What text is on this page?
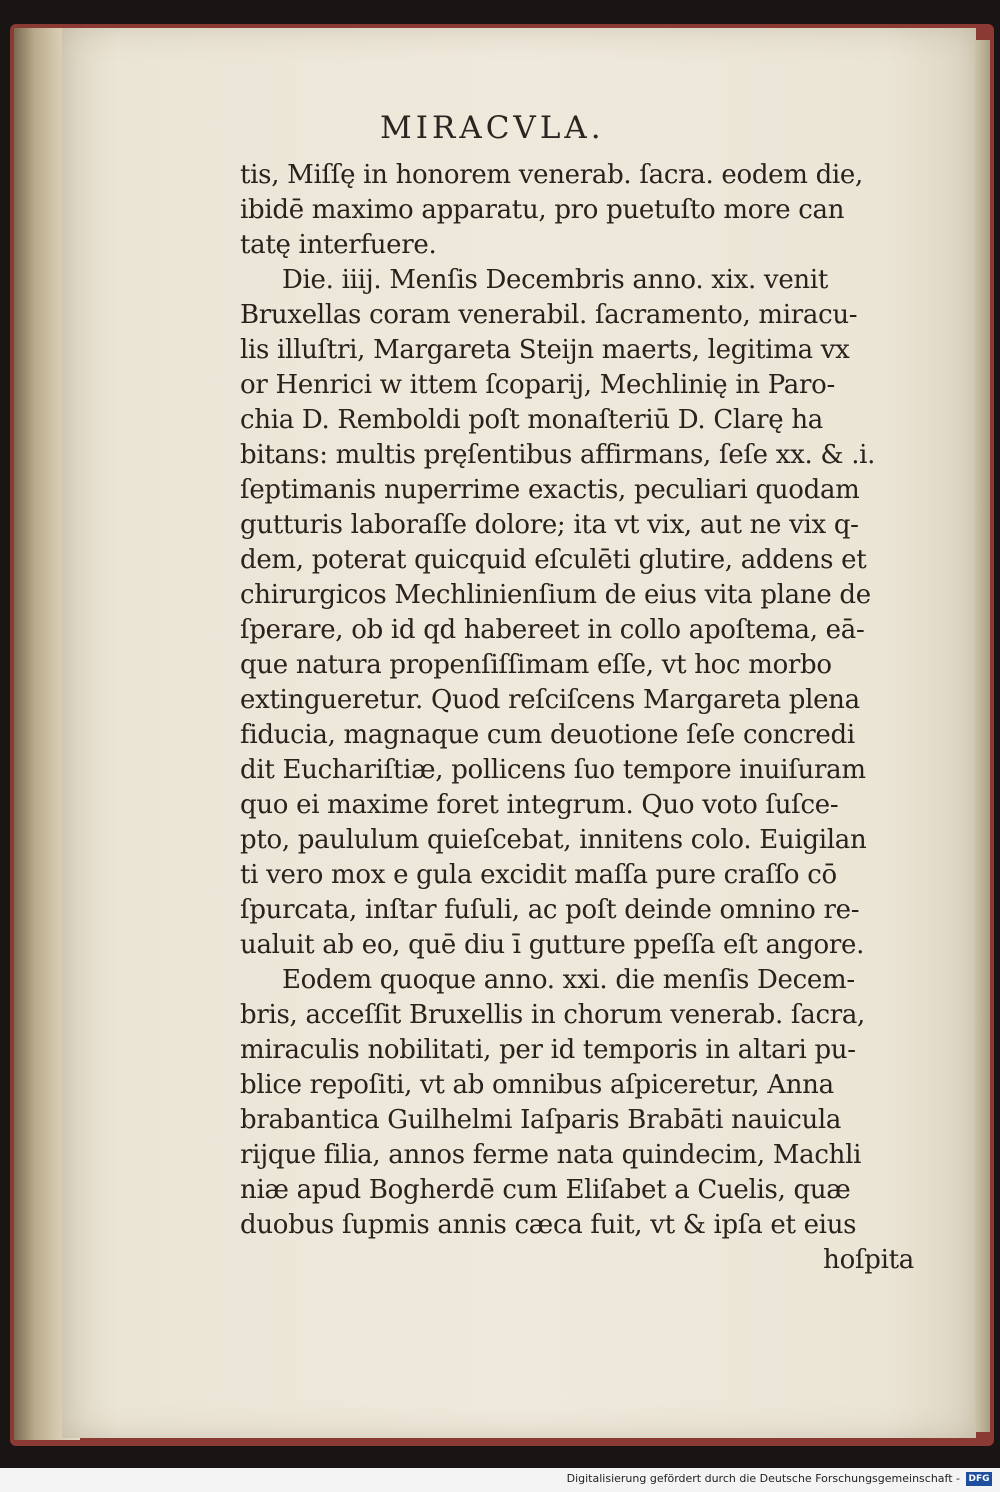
MIRACVLA.
tis, Miſſę in honorem venerab. ſacra. eodem die,
ibidē maximo apparatu, pro puetuſto more can
tatę interfuere.
Die. iiij. Menſis Decembris anno. xix. venit
Bruxellas coram venerabil. ſacramento, miracu-
lis illuſtri, Margareta Steijn maerts, legitima vx
or Henrici w ittem ſcoparij, Mechlinię in Paro-
chia D. Remboldi poſt monaſteriū D. Clarę ha
bitans: multis pręſentibus affirmans, ſeſe xx. & .i.
ſeptimanis nuperrime exactis, peculiari quodam
gutturis laboraſſe dolore; ita vt vix, aut ne vix q-
dem, poterat quicquid eſculēti glutire, addens et
chirurgicos Mechlinienſium de eius vita plane de
ſperare, ob id qd habereet in collo apoſtema, eā-
que natura propenſiſſimam eſſe, vt hoc morbo
extingueretur. Quod reſciſcens Margareta plena
fiducia, magnaque cum deuotione ſeſe concredi
dit Euchariſtiæ, pollicens ſuo tempore inuiſuram
quo ei maxime foret integrum. Quo voto ſuſce-
pto, paululum quieſcebat, innitens colo. Euigilan
ti vero mox e gula excidit maſſa pure craſſo cō
ſpurcata, inſtar fuſuli, ac poſt deinde omnino re-
ualuit ab eo, quē diu ī gutture ppeſſa eſt angore.
Eodem quoque anno. xxi. die menſis Decem-
bris, acceſſit Bruxellis in chorum venerab. ſacra,
miraculis nobilitati, per id temporis in altari pu-
blice repoſiti, vt ab omnibus aſpiceretur, Anna
brabantica Guilhelmi Iaſparis Brabāti nauicula
rijque filia, annos ferme nata quindecim, Machli
niæ apud Bogherdē cum Eliſabet a Cuelis, quæ
duobus ſupmis annis cæca fuit, vt & ipſa et eius
hoſpita
Digitalisierung gefördert durch die Deutsche Forschungsgemeinschaft - DFG
